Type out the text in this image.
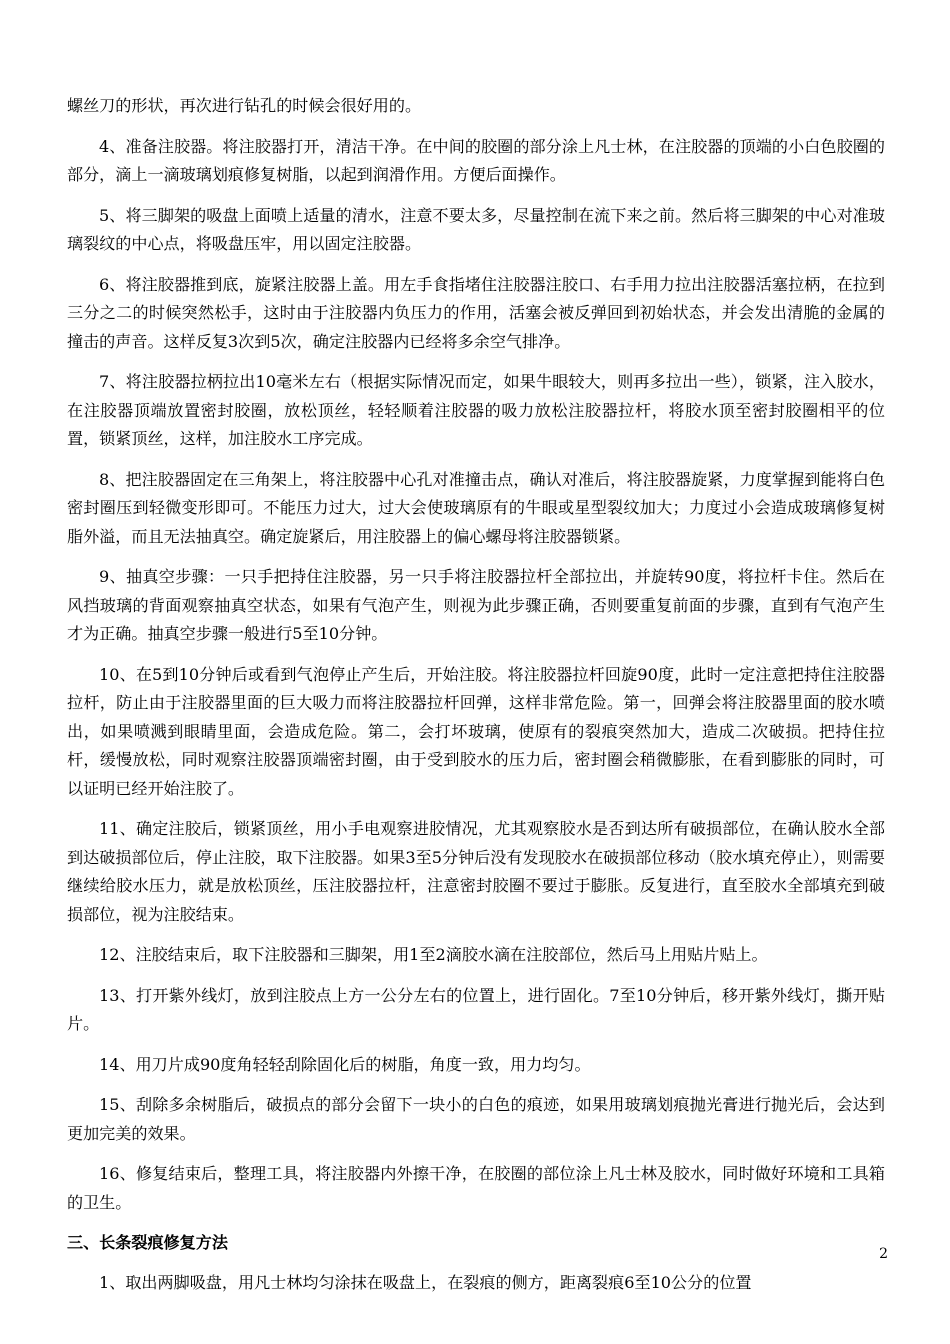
螺丝刀的形状，再次进行钻孔的时候会很好用的。

4、准备注胶器。将注胶器打开，清洁干净。在中间的胶圈的部分涂上凡士林，在注胶器的顶端的小白色胶圈的部分，滴上一滴玻璃划痕修复树脂，以起到润滑作用。方便后面操作。

5、将三脚架的吸盘上面喷上适量的清水，注意不要太多，尽量控制在流下来之前。然后将三脚架的中心对准玻璃裂纹的中心点，将吸盘压牢，用以固定注胶器。

6、将注胶器推到底，旋紧注胶器上盖。用左手食指堵住注胶器注胶口、右手用力拉出注胶器活塞拉柄，在拉到三分之二的时候突然松手，这时由于注胶器内负压力的作用，活塞会被反弹回到初始状态，并会发出清脆的金属的撞击的声音。这样反复3次到5次，确定注胶器内已经将多余空气排净。

7、将注胶器拉柄拉出10毫米左右（根据实际情况而定，如果牛眼较大，则再多拉出一些），锁紧，注入胶水，在注胶器顶端放置密封胶圈，放松顶丝，轻轻顺着注胶器的吸力放松注胶器拉杆，将胶水顶至密封胶圈相平的位置，锁紧顶丝，这样，加注胶水工序完成。

8、把注胶器固定在三角架上，将注胶器中心孔对准撞击点，确认对准后，将注胶器旋紧，力度掌握到能将白色密封圈压到轻微变形即可。不能压力过大，过大会使玻璃原有的牛眼或星型裂纹加大；力度过小会造成玻璃修复树脂外溢，而且无法抽真空。确定旋紧后，用注胶器上的偏心螺母将注胶器锁紧。

9、抽真空步骤：一只手把持住注胶器，另一只手将注胶器拉杆全部拉出，并旋转90度，将拉杆卡住。然后在风挡玻璃的背面观察抽真空状态，如果有气泡产生，则视为此步骤正确，否则要重复前面的步骤，直到有气泡产生才为正确。抽真空步骤一般进行5至10分钟。

10、在5到10分钟后或看到气泡停止产生后，开始注胶。将注胶器拉杆回旋90度，此时一定注意把持住注胶器拉杆，防止由于注胶器里面的巨大吸力而将注胶器拉杆回弹，这样非常危险。第一，回弹会将注胶器里面的胶水喷出，如果喷溅到眼睛里面，会造成危险。第二，会打坏玻璃，使原有的裂痕突然加大，造成二次破损。把持住拉杆，缓慢放松，同时观察注胶器顶端密封圈，由于受到胶水的压力后，密封圈会稍微膨胀，在看到膨胀的同时，可以证明已经开始注胶了。

11、确定注胶后，锁紧顶丝，用小手电观察进胶情况，尤其观察胶水是否到达所有破损部位，在确认胶水全部到达破损部位后，停止注胶，取下注胶器。如果3至5分钟后没有发现胶水在破损部位移动（胶水填充停止），则需要继续给胶水压力，就是放松顶丝，压注胶器拉杆，注意密封胶圈不要过于膨胀。反复进行，直至胶水全部填充到破损部位，视为注胶结束。

12、注胶结束后，取下注胶器和三脚架，用1至2滴胶水滴在注胶部位，然后马上用贴片贴上。

13、打开紫外线灯，放到注胶点上方一公分左右的位置上，进行固化。7至10分钟后，移开紫外线灯，撕开贴片。

14、用刀片成90度角轻轻刮除固化后的树脂，角度一致，用力均匀。

15、刮除多余树脂后，破损点的部分会留下一块小的白色的痕迹，如果用玻璃划痕抛光膏进行抛光后，会达到更加完美的效果。

16、修复结束后，整理工具，将注胶器内外擦干净，在胶圈的部位涂上凡士林及胶水，同时做好环境和工具箱的卫生。

三、长条裂痕修复方法

1、取出两脚吸盘，用凡士林均匀涂抹在吸盘上，在裂痕的侧方，距离裂痕6至10公分的位置

2
